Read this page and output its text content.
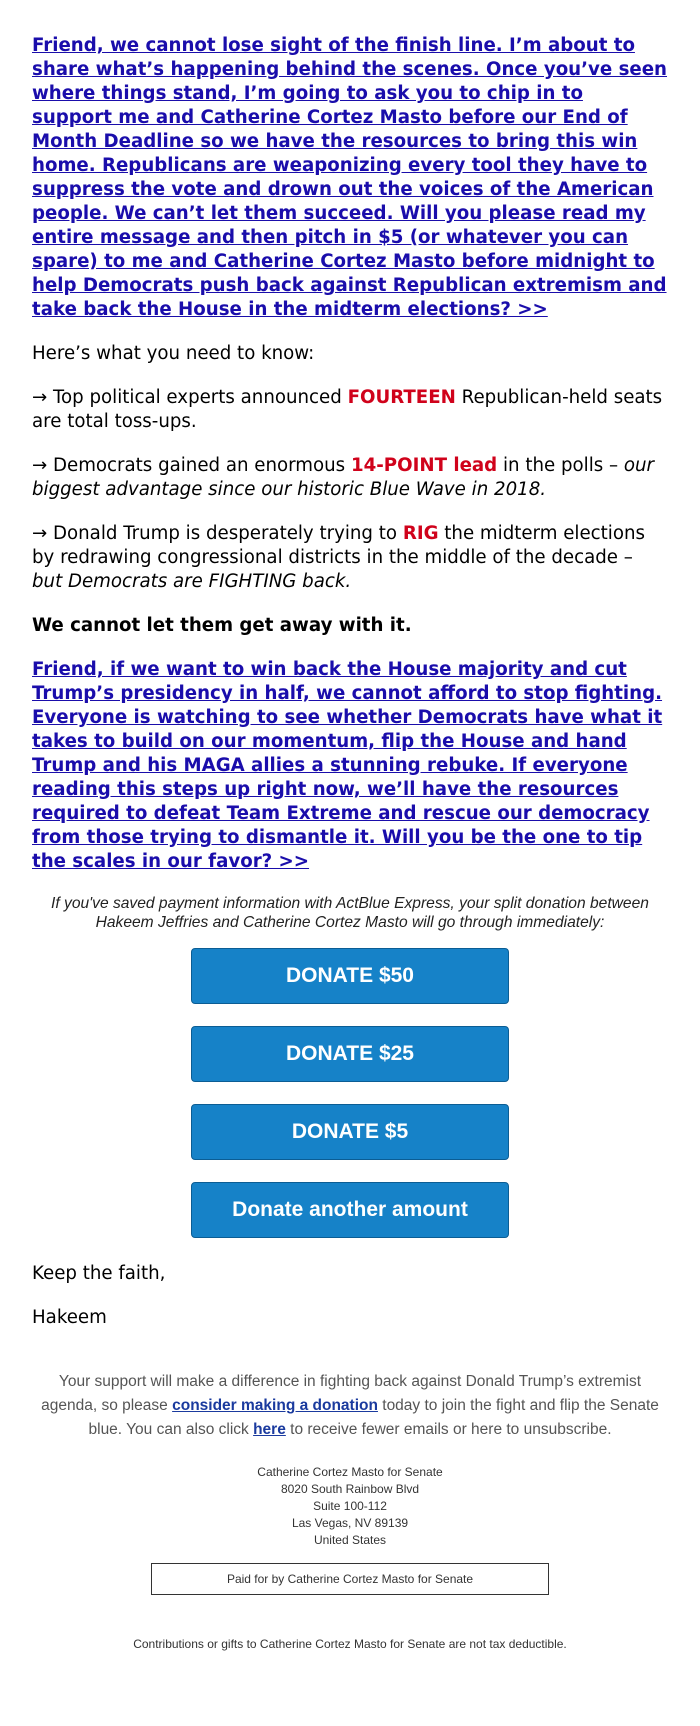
Friend, we cannot lose sight of the finish line. I’m about to share what’s happening behind the scenes. Once you’ve seen where things stand, I’m going to ask you to chip in to support me and Catherine Cortez Masto before our End of Month Deadline so we have the resources to bring this win home. Republicans are weaponizing every tool they have to suppress the vote and drown out the voices of the American people. We can’t let them succeed. Will you please read my entire message and then pitch in $5 (or whatever you can spare) to me and Catherine Cortez Masto before midnight to help Democrats push back against Republican extremism and take back the House in the midterm elections? >>

Here’s what you need to know:

→ Top political experts announced FOURTEEN Republican-held seats are total toss-ups.

→ Democrats gained an enormous 14-POINT lead in the polls – our biggest advantage since our historic Blue Wave in 2018.

→ Donald Trump is desperately trying to RIG the midterm elections by redrawing congressional districts in the middle of the decade – but Democrats are FIGHTING back.

We cannot let them get away with it.

Friend, if we want to win back the House majority and cut Trump’s presidency in half, we cannot afford to stop fighting. Everyone is watching to see whether Democrats have what it takes to build on our momentum, flip the House and hand Trump and his MAGA allies a stunning rebuke. If everyone reading this steps up right now, we’ll have the resources required to defeat Team Extreme and rescue our democracy from those trying to dismantle it. Will you be the one to tip the scales in our favor? >>

If you've saved payment information with ActBlue Express, your split donation between Hakeem Jeffries and Catherine Cortez Masto will go through immediately:
DONATE $50
DONATE $25
DONATE $5
Donate another amount

Keep the faith,

Hakeem

Your support will make a difference in fighting back against Donald Trump’s extremist agenda, so please consider making a donation today to join the fight and flip the Senate blue. You can also click here to receive fewer emails or here to unsubscribe.
Catherine Cortez Masto for Senate
8020 South Rainbow Blvd
Suite 100-112
Las Vegas, NV 89139
United States
Paid for by Catherine Cortez Masto for Senate
Contributions or gifts to Catherine Cortez Masto for Senate are not tax deductible.
